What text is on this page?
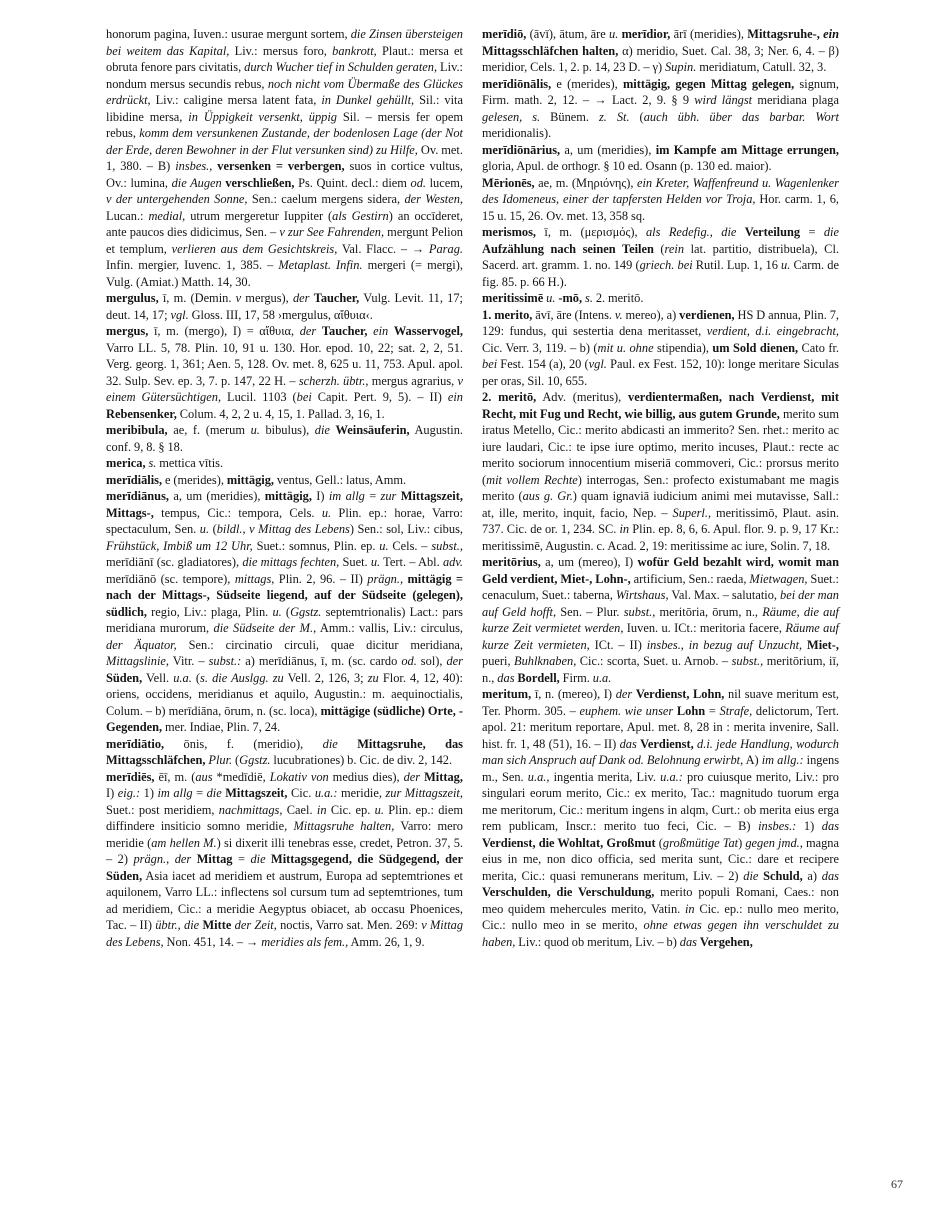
honorum pagina, Iuven.: usurae mergunt sortem, die Zinsen übersteigen bei weitem das Kapital, Liv.: mersus foro, bankrott, Plaut.: mersa et obruta fenore pars civitatis, durch Wucher tief in Schulden geraten, Liv.: nondum mersus secundis rebus, noch nicht vom Übermaße des Glückes erdrückt, Liv.: caligine mersa latent fata, in Dunkel gehüllt, Sil.: vita libidine mersa, in Üppigkeit versenkt, üppig Sil. – mersis fer opem rebus, komm dem versunkenen Zustande, der bodenlosen Lage (der Not der Erde, deren Bewohner in der Flut versunken sind) zu Hilfe, Ov. met. 1, 380. – B) insbes., versenken = verbergen, suos in cortice vultus, Ov.: lumina, die Augen verschließen, Ps. Quint. decl.: diem od. lucem, v der untergehenden Sonne, Sen.: caelum mergens sidera, der Westen, Lucan.: medial, utrum mergeretur Iuppiter (als Gestirn) an occīderet, ante paucos dies didicimus, Sen. – v zur See Fahrenden, mergunt Pelion et templum, verlieren aus dem Gesichtskreis, Val. Flacc. – → Parag. Infin. mergier, Iuvenc. 1, 385. – Metaplast. Infin. mergeri (= mergi), Vulg. (Amiat.) Matth. 14, 30.

mergulus, ī, m. (Demin. v mergus), der Taucher, Vulg. Levit. 11, 17; deut. 14, 17; vgl. Gloss. III, 17, 58 ›mergulus, αἴθυια‹.

mergus, ī, m. (mergo), I) = αἴθυια, der Taucher, ein Wasservogel, Varro LL. 5, 78. Plin. 10, 91 u. 130. Hor. epod. 10, 22; sat. 2, 2, 51. Verg. georg. 1, 361; Aen. 5, 128. Ov. met. 8, 625 u. 11, 753. Apul. apol. 32. Sulp. Sev. ep. 3, 7. p. 147, 22 H. – scherzh. übtr., mergus agrarius, v einem Gütersüchtigen, Lucil. 1103 (bei Capit. Pert. 9, 5). – II) ein Rebensenker, Colum. 4, 2, 2 u. 4, 15, 1. Pallad. 3, 16, 1.

meribibula, ae, f. (merum u. bibulus), die Weinsäuferin, Augustin. conf. 9, 8. § 18.

merica, s. mettica vītis.

merīdiālis, e (merides), mittägig, ventus, Gell.: latus, Amm.

merīdiānus, a, um (meridies), mittägig, I) im allg = zur Mittagszeit, Mittags-, tempus, Cic.: tempora, Cels. u. Plin. ep.: horae, Varro: spectaculum, Sen. u. (bildl., v Mittag des Lebens) Sen.: sol, Liv.: cibus, Frühstück, Imbiß um 12 Uhr, Suet.: somnus, Plin. ep. u. Cels. – subst., merīdiānī (sc. gladiatores), die mittags fechten, Suet. u. Tert. – Abl. adv. merīdiānō (sc. tempore), mittags, Plin. 2, 96. – II) prägn., mittägig = nach der Mittags-, Südseite liegend, auf der Südseite (gelegen), südlich, regio, Liv.: plaga, Plin. u. (Ggstz. septemtrionalis) Lact.: pars meridiana murorum, die Südseite der M., Amm.: vallis, Liv.: circulus, der Äquator, Sen.: circinatio circuli, quae dicitur meridiana, Mittagslinie, Vitr. – subst.: a) merīdiānus, ī, m. (sc. cardo od. sol), der Süden, Vell. u.a. (s. die Auslgg. zu Vell. 2, 126, 3; zu Flor. 4, 12, 40): oriens, occidens, meridianus et aquilo, Augustin.: m. aequinoctialis, Colum. – b) merīdiāna, ōrum, n. (sc. loca), mittägige (südliche) Orte, -Gegenden, mer. Indiae, Plin. 7, 24.

merīdiātio, ōnis, f. (meridio), die Mittagsruhe, das Mittagsschläfchen, Plur. (Ggstz. lucubrationes) b. Cic. de div. 2, 142.

merīdiēs, ēī, m. (aus *medīdiē, Lokativ von medius dies), der Mittag, I) eig.: 1) im allg = die Mittagszeit, Cic. u.a.: meridie, zur Mittagszeit, Suet.: post meridiem, nachmittags, Cael. in Cic. ep. u. Plin. ep.: diem diffindere insiticio somno meridie, Mittagsruhe halten, Varro: mero meridie (am hellen M.) si dixerit illi tenebras esse, credet, Petron. 37, 5. – 2) prägn., der Mittag = die Mittagsgegend, die Südgegend, der Süden, Asia iacet ad meridiem et austrum, Europa ad septemtriones et aquilonem, Varro LL.: inflectens sol cursum tum ad septemtriones, tum ad meridiem, Cic.: a meridie Aegyptus obiacet, ab occasu Phoenices, Tac. – II) übtr., die Mitte der Zeit, noctis, Varro sat. Men. 269: v Mittag des Lebens, Non. 451, 14. – → meridies als fem., Amm. 26, 1, 9.

merīdiō, (āvī), ātum, āre u. merīdior, ārī (meridies), Mittagsruhe-, ein Mittagsschläfchen halten, α) meridio, Suet. Cal. 38, 3; Ner. 6, 4. – β) meridior, Cels. 1, 2. p. 14, 23 D. – γ) Supin. meridiatum, Catull. 32, 3.

merīdiōnālis, e (merides), mittägig, gegen Mittag gelegen, signum, Firm. math. 2, 12. – → Lact. 2, 9. § 9 wird längst meridiana plaga gelesen, s. Bünem. z. St. (auch übh. über das barbar. Wort meridionalis).

merīdiōnārius, a, um (meridies), im Kampfe am Mittage errungen, gloria, Apul. de orthogr. § 10 ed. Osann (p. 130 ed. maior).

Mērionēs, ae, m. (Μηριόνης), ein Kreter, Waffenfreund u. Wagenlenker des Idomeneus, einer der tapfersten Helden vor Troja, Hor. carm. 1, 6, 15 u. 15, 26. Ov. met. 13, 358 sq.

merismos, ī, m. (μερισμός), als Redefig., die Verteilung = die Aufzählung nach seinen Teilen (rein lat. partitio, distribuela), Cl. Sacerd. art. gramm. 1. no. 149 (griech. bei Rutil. Lup. 1, 16 u. Carm. de fig. 85. p. 66 H.).

meritissimē u. -mō, s. 2. meritō.

1. merito, āvī, āre (Intens. v. mereo), a) verdienen, HS D annua, Plin. 7, 129: fundus, qui sestertia dena meritasset, verdient, d.i. eingebracht, Cic. Verr. 3, 119. – b) (mit u. ohne stipendia), um Sold dienen, Cato fr. bei Fest. 154 (a), 20 (vgl. Paul. ex Fest. 152, 10): longe meritare Siculas per oras, Sil. 10, 655.

2. meritō, Adv. (meritus), verdientermaßen, nach Verdienst, mit Recht, mit Fug und Recht, wie billig, aus gutem Grunde, merito sum iratus Metello, Cic.: merito abdicasti an immerito? Sen. rhet.: merito ac iure laudari, Cic.: te ipse iure optimo, merito incuses, Plaut.: recte ac merito sociorum innocentium miseriā commoveri, Cic.: prorsus merito (mit vollem Rechte) interrogas, Sen.: profecto existumabant me magis merito (aus g. Gr.) quam ignaviā iudicium animi mei mutavisse, Sall.: at, ille, merito, inquit, facio, Nep. – Superl., meritissimō, Plaut. asin. 737. Cic. de or. 1, 234. SC. in Plin. ep. 8, 6, 6. Apul. flor. 9. p. 9, 17 Kr.: meritissimē, Augustin. c. Acad. 2, 19: meritissime ac iure, Solin. 7, 18.

meritōrius, a, um (mereo), I) wofür Geld bezahlt wird, womit man Geld verdient, Miet-, Lohn-, artificium, Sen.: raeda, Mietwagen, Suet.: cenaculum, Suet.: taberna, Wirtshaus, Val. Max. – salutatio, bei der man auf Geld hofft, Sen. – Plur. subst., meritōria, ōrum, n., Räume, die auf kurze Zeit vermietet werden, Iuven. u. ICt.: meritoria facere, Räume auf kurze Zeit vermieten, ICt. – II) insbes., in bezug auf Unzucht, Miet-, pueri, Buhlknaben, Cic.: scorta, Suet. u. Arnob. – subst., meritōrium, iī, n., das Bordell, Firm. u.a.

meritum, ī, n. (mereo), I) der Verdienst, Lohn, nil suave meritum est, Ter. Phorm. 305. – euphem. wie unser Lohn = Strafe, delictorum, Tert. apol. 21: meritum reportare, Apul. met. 8, 28 in : merita invenire, Sall. hist. fr. 1, 48 (51), 16. – II) das Verdienst, d.i. jede Handlung, wodurch man sich Anspruch auf Dank od. Belohnung erwirbt, A) im allg.: ingens m., Sen. u.a., ingentia merita, Liv. u.a.: pro cuiusque merito, Liv.: pro singulari eorum merito, Cic.: ex merito, Tac.: magnitudo tuorum erga me meritorum, Cic.: meritum ingens in alqm, Curt.: ob merita eius erga rem publicam, Inscr.: merito tuo feci, Cic. – B) insbes.: 1) das Verdienst, die Wohltat, Großmut (großmütige Tat) gegen jmd., magna eius in me, non dico officia, sed merita sunt, Cic.: dare et recipere merita, Cic.: quasi remunerans meritum, Liv. – 2) die Schuld, a) das Verschulden, die Verschuldung, merito populi Romani, Caes.: non meo quidem mehercules merito, Vatin. in Cic. ep.: nullo meo merito, Cic.: nullo meo in se merito, ohne etwas gegen ihn verschuldet zu haben, Liv.: quod ob meritum, Liv. – b) das Vergehen,

67
